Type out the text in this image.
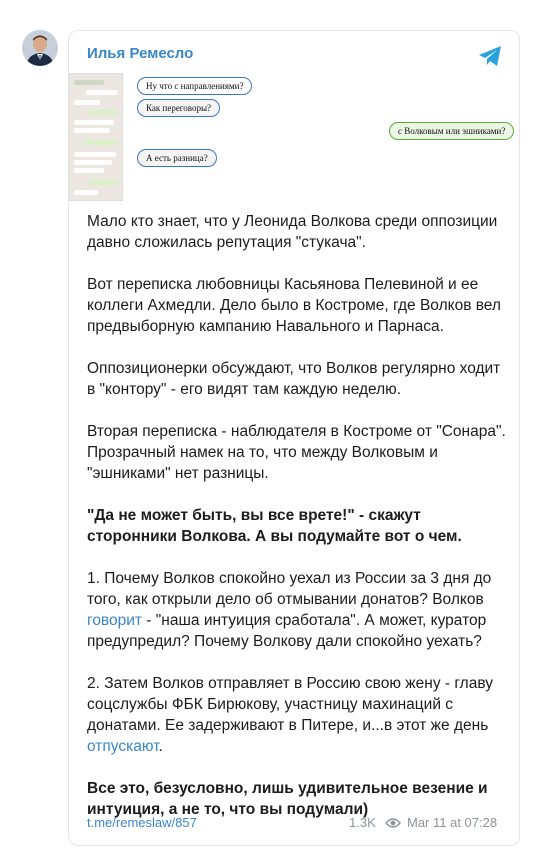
Илья Ремесло
Ну что с направлениями?
Как переговоры?
с Волковым или эшниками?
А есть разница?

Мало кто знает, что у Леонида Волкова среди оппозиции давно сложилась репутация "стукача".

Вот переписка любовницы Касьянова Пелевиной и ее коллеги Ахмедли. Дело было в Костроме, где Волков вел предвыборную кампанию Навального и Парнаса.

Оппозиционерки обсуждают, что Волков регулярно ходит в "контору" - его видят там каждую неделю.

Вторая переписка - наблюдателя в Костроме от "Сонара". Прозрачный намек на то, что между Волковым и "эшниками" нет разницы.

"Да не может быть, вы все врете!" - скажут сторонники Волкова. А вы подумайте вот о чем.

1. Почему Волков спокойно уехал из России за 3 дня до того, как открыли дело об отмывании донатов? Волков говорит - "наша интуиция сработала". А может, куратор предупредил? Почему Волкову дали спокойно уехать?

2. Затем Волков отправляет в Россию свою жену - главу соцслужбы ФБК Бирюкову, участницу махинаций с донатами. Ее задерживают в Питере, и...в этот же день отпускают.

Все это, безусловно, лишь удивительное везение и интуиция, а не то, что вы подумали)

t.me/remeslaw/857	1.3K Mar 11 at 07:28
